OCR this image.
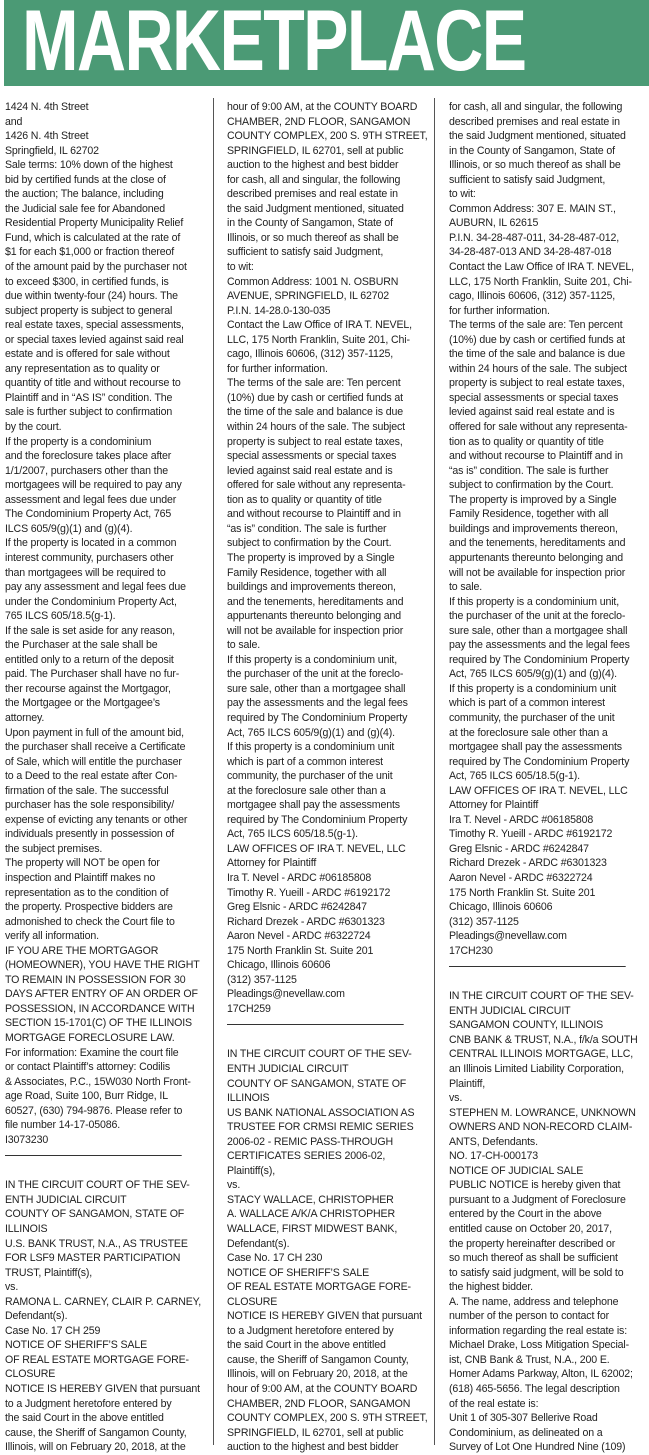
MARKETPLACE
1424 N. 4th Street
and
1426 N. 4th Street
Springfield, IL 62702
Sale terms: 10% down of the highest
bid by certified funds at the close of
the auction; The balance, including
the Judicial sale fee for Abandoned
Residential Property Municipality Relief
Fund, which is calculated at the rate of
$1 for each $1,000 or fraction thereof
of the amount paid by the purchaser not
to exceed $300, in certified funds, is
due within twenty-four (24) hours. The
subject property is subject to general
real estate taxes, special assessments,
or special taxes levied against said real
estate and is offered for sale without
any representation as to quality or
quantity of title and without recourse to
Plaintiff and in “AS IS” condition. The
sale is further subject to confirmation
by the court.
If the property is a condominium
and the foreclosure takes place after
1/1/2007, purchasers other than the
mortgagees will be required to pay any
assessment and legal fees due under
The Condominium Property Act, 765
ILCS 605/9(g)(1) and (g)(4).
If the property is located in a common
interest community, purchasers other
than mortgagees will be required to
pay any assessment and legal fees due
under the Condominium Property Act,
765 ILCS 605/18.5(g-1).
If the sale is set aside for any reason,
the Purchaser at the sale shall be
entitled only to a return of the deposit
paid. The Purchaser shall have no fur-
ther recourse against the Mortgagor,
the Mortgagee or the Mortgagee’s
attorney.
Upon payment in full of the amount bid,
the purchaser shall receive a Certificate
of Sale, which will entitle the purchaser
to a Deed to the real estate after Con-
firmation of the sale. The successful
purchaser has the sole responsibility/
expense of evicting any tenants or other
individuals presently in possession of
the subject premises.
The property will NOT be open for
inspection and Plaintiff makes no
representation as to the condition of
the property. Prospective bidders are
admonished to check the Court file to
verify all information.
IF YOU ARE THE MORTGAGOR
(HOMEOWNER), YOU HAVE THE RIGHT
TO REMAIN IN POSSESSION FOR 30
DAYS AFTER ENTRY OF AN ORDER OF
POSSESSION, IN ACCORDANCE WITH
SECTION 15-1701(C) OF THE ILLINOIS
MORTGAGE FORECLOSURE LAW.
For information: Examine the court file
or contact Plaintiff’s attorney: Codilis
& Associates, P.C., 15W030 North Front-
age Road, Suite 100, Burr Ridge, IL
60527, (630) 794-9876. Please refer to
file number 14-17-05086.
I3073230
IN THE CIRCUIT COURT OF THE SEV-
ENTH JUDICIAL CIRCUIT
COUNTY OF SANGAMON, STATE OF
ILLINOIS
U.S. BANK TRUST, N.A., AS TRUSTEE
FOR LSF9 MASTER PARTICIPATION
TRUST, Plaintiff(s),
vs.
RAMONA L. CARNEY, CLAIR P. CARNEY,
Defendant(s).
Case No. 17 CH 259
NOTICE OF SHERIFF’S SALE
OF REAL ESTATE MORTGAGE FORE-
CLOSURE
NOTICE IS HEREBY GIVEN that pursuant
to a Judgment heretofore entered by
the said Court in the above entitled
cause, the Sheriff of Sangamon County,
Illinois, will on February 20, 2018, at the
hour of 9:00 AM, at the COUNTY BOARD
CHAMBER, 2ND FLOOR, SANGAMON
COUNTY COMPLEX, 200 S. 9TH STREET,
SPRINGFIELD, IL 62701, sell at public
auction to the highest and best bidder
for cash, all and singular, the following
described premises and real estate in
the said Judgment mentioned, situated
in the County of Sangamon, State of
Illinois, or so much thereof as shall be
sufficient to satisfy said Judgment,
to wit:
Common Address: 1001 N. OSBURN
AVENUE, SPRINGFIELD, IL 62702
P.I.N. 14-28.0-130-035
Contact the Law Office of IRA T. NEVEL,
LLC, 175 North Franklin, Suite 201, Chi-
cago, Illinois 60606, (312) 357-1125,
for further information.
The terms of the sale are: Ten percent
(10%) due by cash or certified funds at
the time of the sale and balance is due
within 24 hours of the sale. The subject
property is subject to real estate taxes,
special assessments or special taxes
levied against said real estate and is
offered for sale without any representa-
tion as to quality or quantity of title
and without recourse to Plaintiff and in
“as is” condition. The sale is further
subject to confirmation by the Court.
The property is improved by a Single
Family Residence, together with all
buildings and improvements thereon,
and the tenements, hereditaments and
appurtenants thereunto belonging and
will not be available for inspection prior
to sale.
If this property is a condominium unit,
the purchaser of the unit at the foreclo-
sure sale, other than a mortgagee shall
pay the assessments and the legal fees
required by The Condominium Property
Act, 765 ILCS 605/9(g)(1) and (g)(4).
If this property is a condominium unit
which is part of a common interest
community, the purchaser of the unit
at the foreclosure sale other than a
mortgagee shall pay the assessments
required by The Condominium Property
Act, 765 ILCS 605/18.5(g-1).
LAW OFFICES OF IRA T. NEVEL, LLC
Attorney for Plaintiff
Ira T. Nevel - ARDC #06185808
Timothy R. Yueill - ARDC #6192172
Greg Elsnic - ARDC #6242847
Richard Drezek - ARDC #6301323
Aaron Nevel - ARDC #6322724
175 North Franklin St. Suite 201
Chicago, Illinois 60606
(312) 357-1125
Pleadings@nevellaw.com
17CH259
IN THE CIRCUIT COURT OF THE SEV-
ENTH JUDICIAL CIRCUIT
COUNTY OF SANGAMON, STATE OF
ILLINOIS
US BANK NATIONAL ASSOCIATION AS
TRUSTEE FOR CRMSI REMIC SERIES
2006-02 - REMIC PASS-THROUGH
CERTIFICATES SERIES 2006-02,
Plaintiff(s),
vs.
STACY WALLACE, CHRISTOPHER
A. WALLACE A/K/A CHRISTOPHER
WALLACE, FIRST MIDWEST BANK,
Defendant(s).
Case No. 17 CH 230
NOTICE OF SHERIFF’S SALE
OF REAL ESTATE MORTGAGE FORE-
CLOSURE
NOTICE IS HEREBY GIVEN that pursuant
to a Judgment heretofore entered by
the said Court in the above entitled
cause, the Sheriff of Sangamon County,
Illinois, will on February 20, 2018, at the
hour of 9:00 AM, at the COUNTY BOARD
CHAMBER, 2ND FLOOR, SANGAMON
COUNTY COMPLEX, 200 S. 9TH STREET,
SPRINGFIELD, IL 62701, sell at public
auction to the highest and best bidder
for cash, all and singular, the following
described premises and real estate in
the said Judgment mentioned, situated
in the County of Sangamon, State of
Illinois, or so much thereof as shall be
sufficient to satisfy said Judgment,
to wit:
Common Address: 307 E. MAIN ST.,
AUBURN, IL 62615
P.I.N. 34-28-487-011, 34-28-487-012,
34-28-487-013 AND 34-28-487-018
Contact the Law Office of IRA T. NEVEL,
LLC, 175 North Franklin, Suite 201, Chi-
cago, Illinois 60606, (312) 357-1125,
for further information.
The terms of the sale are: Ten percent
(10%) due by cash or certified funds at
the time of the sale and balance is due
within 24 hours of the sale. The subject
property is subject to real estate taxes,
special assessments or special taxes
levied against said real estate and is
offered for sale without any representa-
tion as to quality or quantity of title
and without recourse to Plaintiff and in
“as is” condition. The sale is further
subject to confirmation by the Court.
The property is improved by a Single
Family Residence, together with all
buildings and improvements thereon,
and the tenements, hereditaments and
appurtenants thereunto belonging and
will not be available for inspection prior
to sale.
If this property is a condominium unit,
the purchaser of the unit at the foreclo-
sure sale, other than a mortgagee shall
pay the assessments and the legal fees
required by The Condominium Property
Act, 765 ILCS 605/9(g)(1) and (g)(4).
If this property is a condominium unit
which is part of a common interest
community, the purchaser of the unit
at the foreclosure sale other than a
mortgagee shall pay the assessments
required by The Condominium Property
Act, 765 ILCS 605/18.5(g-1).
LAW OFFICES OF IRA T. NEVEL, LLC
Attorney for Plaintiff
Ira T. Nevel - ARDC #06185808
Timothy R. Yueill - ARDC #6192172
Greg Elsnic - ARDC #6242847
Richard Drezek - ARDC #6301323
Aaron Nevel - ARDC #6322724
175 North Franklin St. Suite 201
Chicago, Illinois 60606
(312) 357-1125
Pleadings@nevellaw.com
17CH230
IN THE CIRCUIT COURT OF THE SEV-
ENTH JUDICIAL CIRCUIT
SANGAMON COUNTY, ILLINOIS
CNB BANK & TRUST, N.A., f/k/a SOUTH
CENTRAL ILLINOIS MORTGAGE, LLC,
an Illinois Limited Liability Corporation,
Plaintiff,
vs.
STEPHEN M. LOWRANCE, UNKNOWN
OWNERS AND NON-RECORD CLAIM-
ANTS, Defendants.
NO. 17-CH-000173
NOTICE OF JUDICIAL SALE
PUBLIC NOTICE is hereby given that
pursuant to a Judgment of Foreclosure
entered by the Court in the above
entitled cause on October 20, 2017,
the property hereinafter described or
so much thereof as shall be sufficient
to satisfy said judgment, will be sold to
the highest bidder.
A. The name, address and telephone
number of the person to contact for
information regarding the real estate is:
Michael Drake, Loss Mitigation Special-
ist, CNB Bank & Trust, N.A., 200 E.
Homer Adams Parkway, Alton, IL 62002;
(618) 465-5656. The legal description
of the real estate is:
Unit 1 of 305-307 Bellerive Road
Condominium, as delineated on a
Survey of Lot One Hundred Nine (109)
